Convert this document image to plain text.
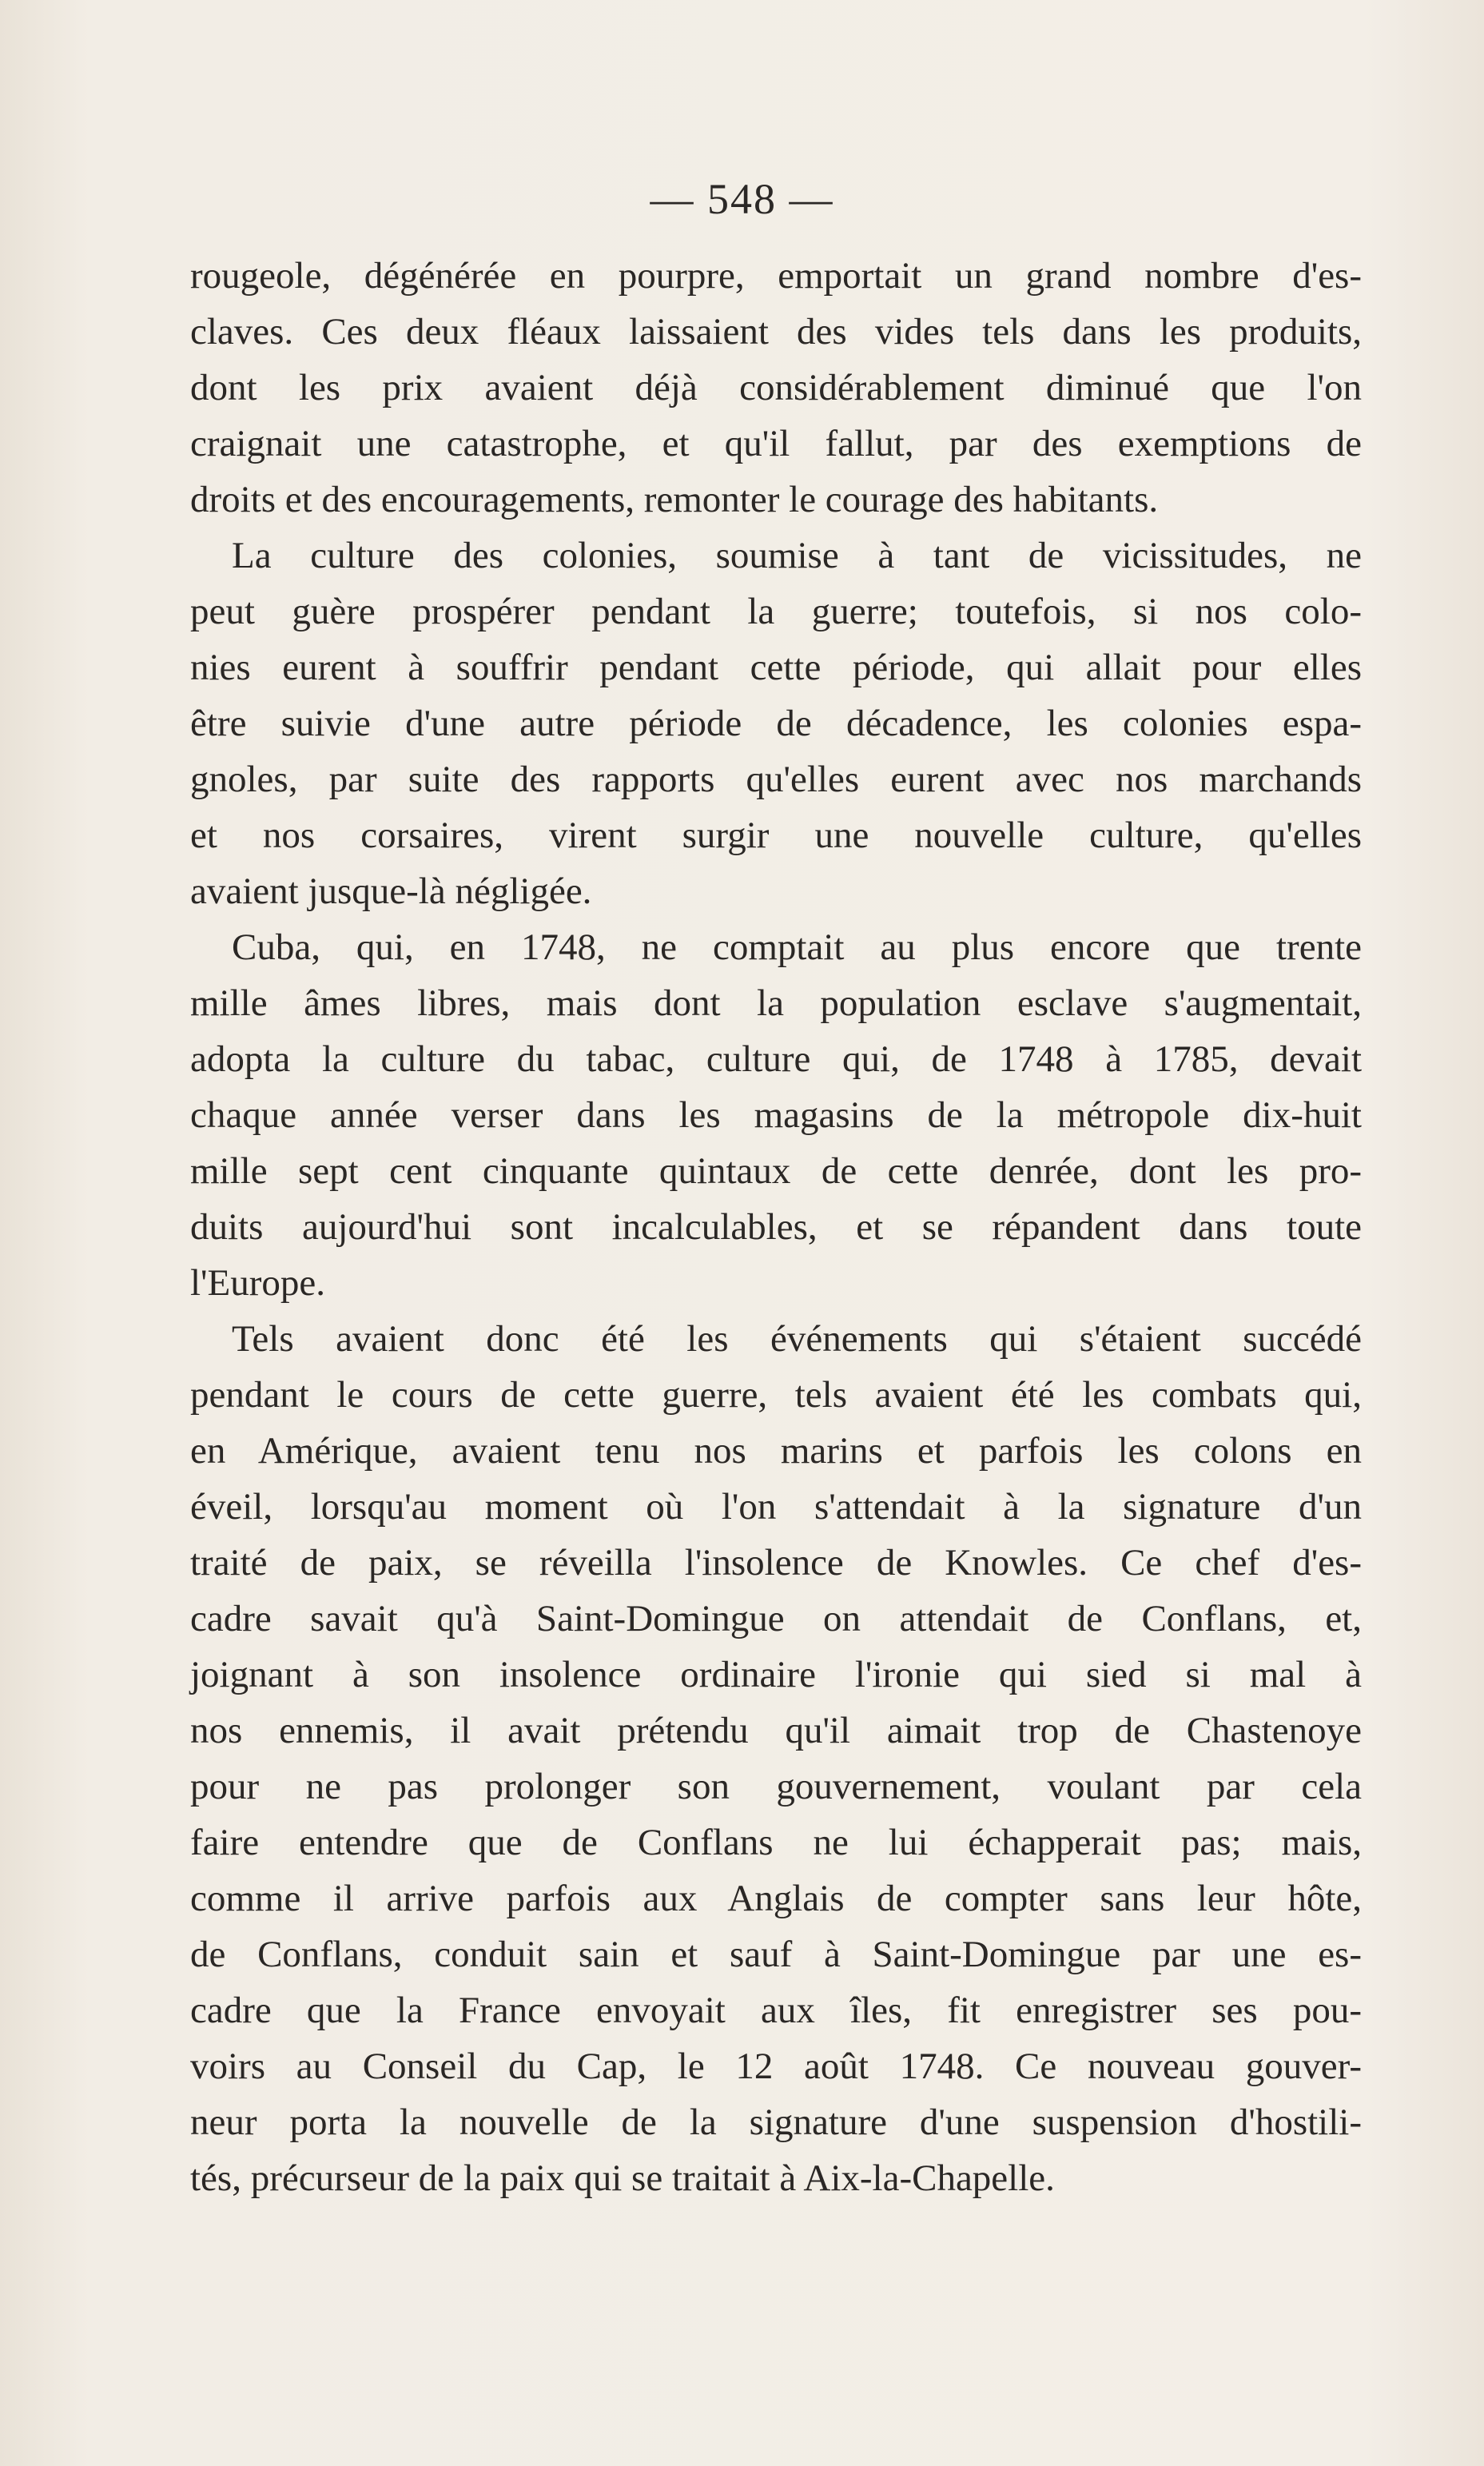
— 548 —
rougeole, dégénérée en pourpre, emportait un grand nombre d'es-
claves. Ces deux fléaux laissaient des vides tels dans les produits,
dont les prix avaient déjà considérablement diminué que l'on
craignait une catastrophe, et qu'il fallut, par des exemptions de
droits et des encouragements, remonter le courage des habitants.
La culture des colonies, soumise à tant de vicissitudes, ne
peut guère prospérer pendant la guerre; toutefois, si nos colo-
nies eurent à souffrir pendant cette période, qui allait pour elles
être suivie d'une autre période de décadence, les colonies espa-
gnoles, par suite des rapports qu'elles eurent avec nos marchands
et nos corsaires, virent surgir une nouvelle culture, qu'elles
avaient jusque-là négligée.
Cuba, qui, en 1748, ne comptait au plus encore que trente
mille âmes libres, mais dont la population esclave s'augmentait,
adopta la culture du tabac, culture qui, de 1748 à 1785, devait
chaque année verser dans les magasins de la métropole dix-huit
mille sept cent cinquante quintaux de cette denrée, dont les pro-
duits aujourd'hui sont incalculables, et se répandent dans toute
l'Europe.
Tels avaient donc été les événements qui s'étaient succédé
pendant le cours de cette guerre, tels avaient été les combats qui,
en Amérique, avaient tenu nos marins et parfois les colons en
éveil, lorsqu'au moment où l'on s'attendait à la signature d'un
traité de paix, se réveilla l'insolence de Knowles. Ce chef d'es-
cadre savait qu'à Saint-Domingue on attendait de Conflans, et,
joignant à son insolence ordinaire l'ironie qui sied si mal à
nos ennemis, il avait prétendu qu'il aimait trop de Chastenoye
pour ne pas prolonger son gouvernement, voulant par cela
faire entendre que de Conflans ne lui échapperait pas; mais,
comme il arrive parfois aux Anglais de compter sans leur hôte,
de Conflans, conduit sain et sauf à Saint-Domingue par une es-
cadre que la France envoyait aux îles, fit enregistrer ses pou-
voirs au Conseil du Cap, le 12 août 1748. Ce nouveau gouver-
neur porta la nouvelle de la signature d'une suspension d'hostili-
tés, précurseur de la paix qui se traitait à Aix-la-Chapelle.
